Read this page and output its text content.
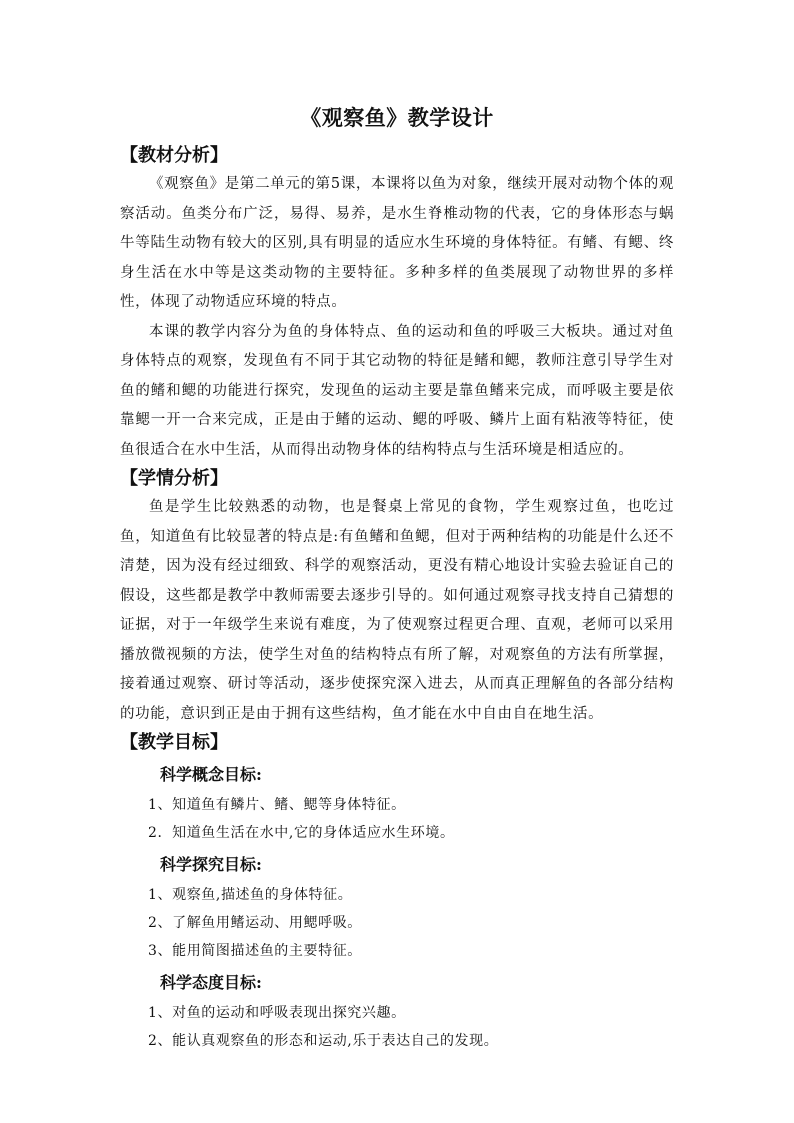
《观察鱼》教学设计
【教材分析】

《观察鱼》是第二单元的第5课，本课将以鱼为对象，继续开展对动物个体的观察活动。鱼类分布广泛，易得、易养，是水生脊椎动物的代表，它的身体形态与蜗牛等陆生动物有较大的区别,具有明显的适应水生环境的身体特征。有鳍、有鳃、终身生活在水中等是这类动物的主要特征。多种多样的鱼类展现了动物世界的多样性，体现了动物适应环境的特点。

本课的教学内容分为鱼的身体特点、鱼的运动和鱼的呼吸三大板块。通过对鱼身体特点的观察，发现鱼有不同于其它动物的特征是鳍和鳃，教师注意引导学生对鱼的鳍和鳃的功能进行探究，发现鱼的运动主要是靠鱼鳍来完成，而呼吸主要是依靠鳃一开一合来完成，正是由于鳍的运动、鳃的呼吸、鳞片上面有粘液等特征，使鱼很适合在水中生活，从而得出动物身体的结构特点与生活环境是相适应的。

【学情分析】

鱼是学生比较熟悉的动物，也是餐桌上常见的食物，学生观察过鱼，也吃过鱼，知道鱼有比较显著的特点是:有鱼鳍和鱼鳃，但对于两种结构的功能是什么还不清楚，因为没有经过细致、科学的观察活动，更没有精心地设计实验去验证自己的假设，这些都是教学中教师需要去逐步引导的。如何通过观察寻找支持自己猜想的证据，对于一年级学生来说有难度，为了使观察过程更合理、直观，老师可以采用播放微视频的方法，使学生对鱼的结构特点有所了解，对观察鱼的方法有所掌握，接着通过观察、研讨等活动，逐步使探究深入进去，从而真正理解鱼的各部分结构的功能，意识到正是由于拥有这些结构，鱼才能在水中自由自在地生活。

【教学目标】
科学概念目标:
1、知道鱼有鳞片、鳍、鳃等身体特征。
2．知道鱼生活在水中,它的身体适应水生环境。
科学探究目标:
1、观察鱼,描述鱼的身体特征。
2、了解鱼用鳍运动、用鳃呼吸。
3、能用简图描述鱼的主要特征。
科学态度目标:
1、对鱼的运动和呼吸表现出探究兴趣。
2、能认真观察鱼的形态和运动,乐于表达自己的发现。
